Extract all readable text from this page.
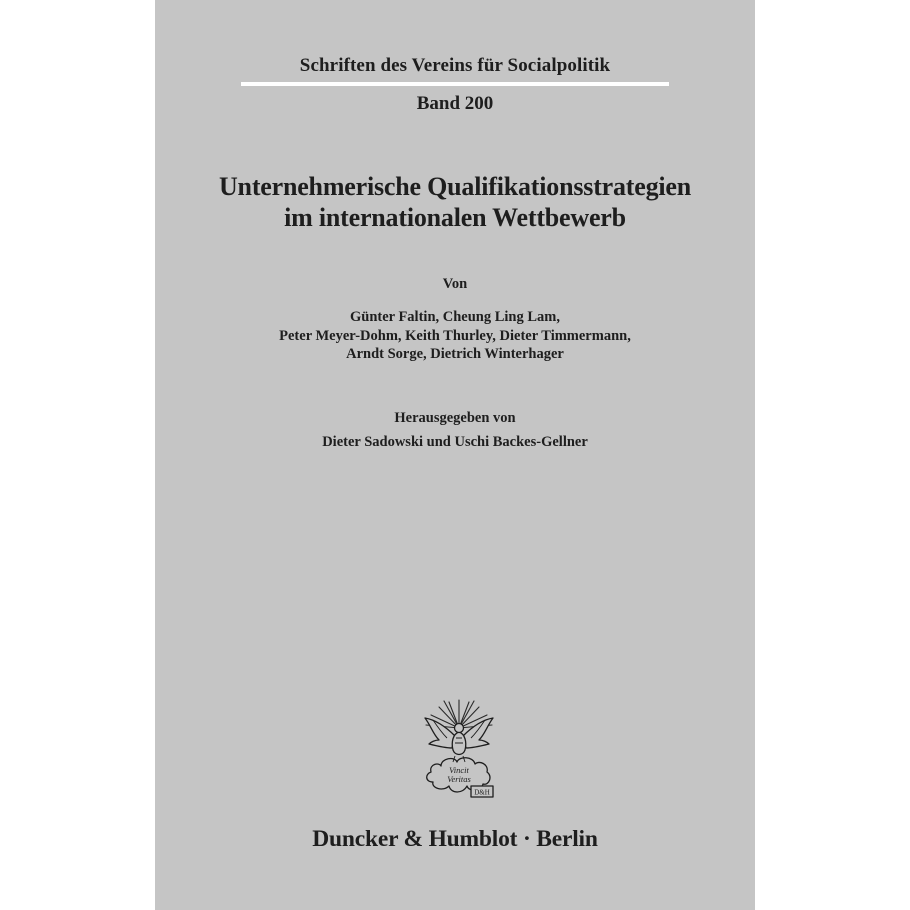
Schriften des Vereins für Socialpolitik
Band 200
Unternehmerische Qualifikationsstrategien
im internationalen Wettbewerb
Von
Günter Faltin, Cheung Ling Lam,
Peter Meyer-Dohm, Keith Thurley, Dieter Timmermann,
Arndt Sorge, Dietrich Winterhager
Herausgegeben von
Dieter Sadowski und Uschi Backes-Gellner
Vincit
Veritas
D&H
Duncker & Humblot · Berlin
